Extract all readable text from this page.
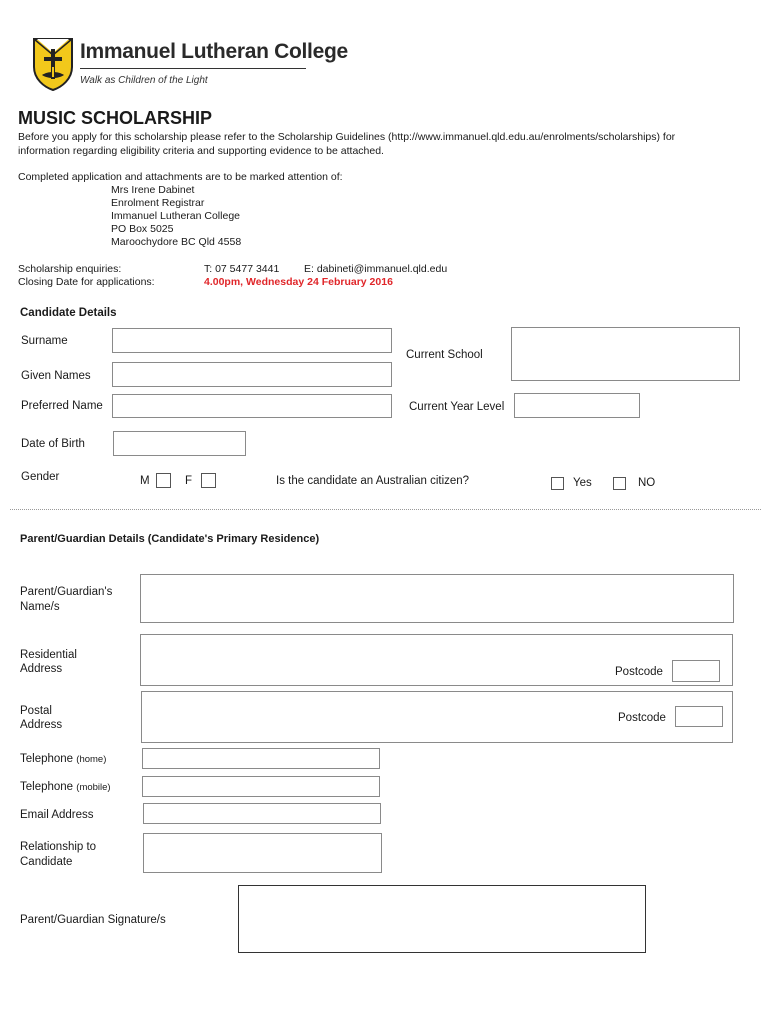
Immanuel Lutheran College
Walk as Children of the Light
MUSIC SCHOLARSHIP
Before you apply for this scholarship please refer to the Scholarship Guidelines (http://www.immanuel.qld.edu.au/enrolments/scholarships) for
information regarding eligibility criteria and supporting evidence to be attached.
Completed application and attachments are to be marked attention of:
Mrs Irene Dabinet
Enrolment Registrar
Immanuel Lutheran College
PO Box 5025
Maroochydore BC Qld 4558
Scholarship enquiries:	T: 07 5477 3441 E: dabineti@immanuel.qld.edu
Closing Date for applications:	4.00pm, Wednesday 24 February 2016
Candidate Details
Surname
Current School
Given Names
Preferred Name	Current Year Level
Date of Birth
Gender	M	F	Is the candidate an Australian citizen?	Yes	NO
Parent/Guardian Details (Candidate's Primary Residence)
Parent/Guardian's
Name/s
Residential
Address	Postcode
Postal
Address
Postcode
Telephone (home)
Telephone (mobile)
Email Address
Relationship to
Candidate
Parent/Guardian Signature/s
